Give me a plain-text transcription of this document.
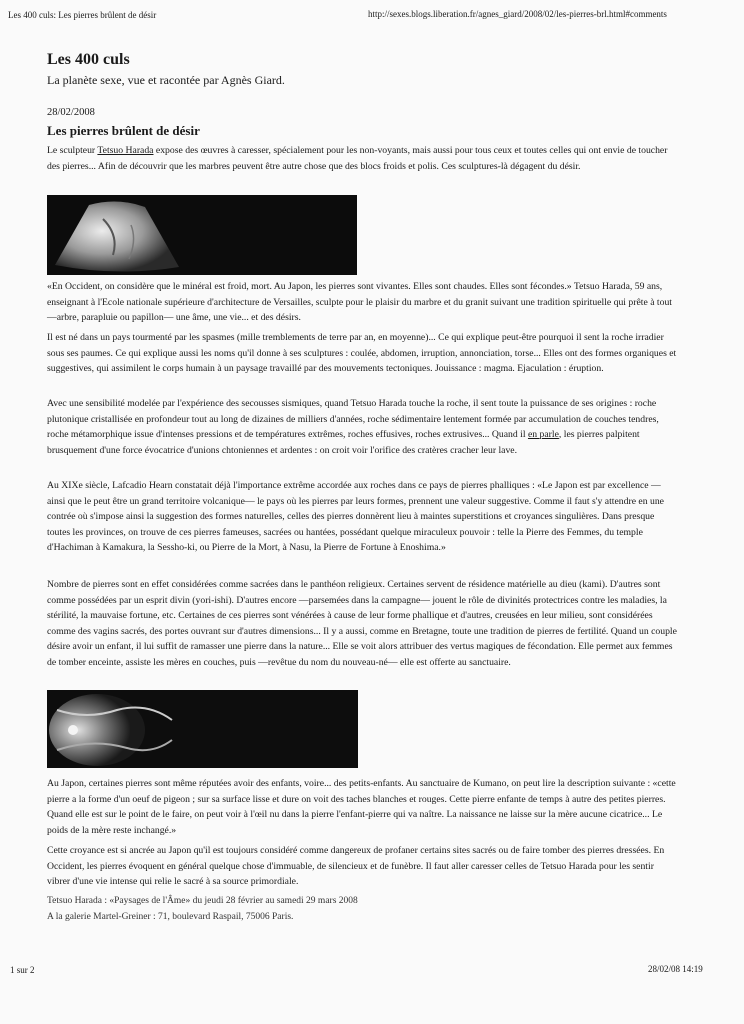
Les 400 culs: Les pierres brûlent de désir	http://sexes.blogs.liberation.fr/agnes_giard/2008/02/les-pierres-brl.html#comments
Les 400 culs
La planète sexe, vue et racontée par Agnès Giard.
28/02/2008
Les pierres brûlent de désir

Le sculpteur Tetsuo Harada expose des œuvres à caresser, spécialement pour les non-voyants, mais aussi pour tous ceux et toutes celles qui ont envie de toucher des pierres... Afin de découvrir que les marbres peuvent être autre chose que des blocs froids et polis. Ces sculptures-là dégagent du désir.

«En Occident, on considère que le minéral est froid, mort. Au Japon, les pierres sont vivantes. Elles sont chaudes. Elles sont fécondes.» Tetsuo Harada, 59 ans, enseignant à l'Ecole nationale supérieure d'architecture de Versailles, sculpte pour le plaisir du marbre et du granit suivant une tradition spirituelle qui prête à tout —arbre, parapluie ou papillon— une âme, une vie... et des désirs.

Il est né dans un pays tourmenté par les spasmes (mille tremblements de terre par an, en moyenne)... Ce qui explique peut-être pourquoi il sent la roche irradier sous ses paumes. Ce qui explique aussi les noms qu'il donne à ses sculptures : coulée, abdomen, irruption, annonciation, torse... Elles ont des formes organiques et suggestives, qui assimilent le corps humain à un paysage travaillé par des mouvements tectoniques. Jouissance : magma. Ejaculation : éruption.

Avec une sensibilité modelée par l'expérience des secousses sismiques, quand Tetsuo Harada touche la roche, il sent toute la puissance de ses origines : roche plutonique cristallisée en profondeur tout au long de dizaines de milliers d'années, roche sédimentaire lentement formée par accumulation de couches tendres, roche métamorphique issue d'intenses pressions et de températures extrêmes, roches effusives, roches extrusives... Quand il en parle, les pierres palpitent brusquement d'une force évocatrice d'unions chtoniennes et ardentes : on croit voir l'orifice des cratères cracher leur lave.

Au XIXe siècle, Lafcadio Hearn constatait déjà l'importance extrême accordée aux roches dans ce pays de pierres phalliques : «Le Japon est par excellence —ainsi que le peut être un grand territoire volcanique— le pays où les pierres par leurs formes, prennent une valeur suggestive. Comme il faut s'y attendre en une contrée où s'impose ainsi la suggestion des formes naturelles, celles des pierres donnèrent lieu à maintes superstitions et croyances singulières. Dans presque toutes les provinces, on trouve de ces pierres fameuses, sacrées ou hantées, possédant quelque miraculeux pouvoir : telle la Pierre des Femmes, du temple d'Hachiman à Kamakura, la Sessho-ki, ou Pierre de la Mort, à Nasu, la Pierre de Fortune à Enoshima.»

Nombre de pierres sont en effet considérées comme sacrées dans le panthéon religieux. Certaines servent de résidence matérielle au dieu (kami). D'autres sont comme possédées par un esprit divin (yori-ishi). D'autres encore —parsemées dans la campagne— jouent le rôle de divinités protectrices contre les maladies, la stérilité, la mauvaise fortune, etc. Certaines de ces pierres sont vénérées à cause de leur forme phallique et d'autres, creusées en leur milieu, sont considérées comme des vagins sacrés, des portes ouvrant sur d'autres dimensions... Il y a aussi, comme en Bretagne, toute une tradition de pierres de fertilité. Quand un couple désire avoir un enfant, il lui suffit de ramasser une pierre dans la nature... Elle se voit alors attribuer des vertus magiques de fécondation. Elle permet aux femmes de tomber enceinte, assiste les mères en couches, puis —revêtue du nom du nouveau-né— elle est offerte au sanctuaire.

Au Japon, certaines pierres sont même réputées avoir des enfants, voire... des petits-enfants. Au sanctuaire de Kumano, on peut lire la description suivante : «cette pierre a la forme d'un oeuf de pigeon ; sur sa surface lisse et dure on voit des taches blanches et rouges. Cette pierre enfante de temps à autre des petites pierres. Quand elle est sur le point de le faire, on peut voir à l'œil nu dans la pierre l'enfant-pierre qui va naître. La naissance ne laisse sur la mère aucune cicatrice... Le poids de la mère reste inchangé.»

Cette croyance est si ancrée au Japon qu'il est toujours considéré comme dangereux de profaner certains sites sacrés ou de faire tomber des pierres dressées. En Occident, les pierres évoquent en général quelque chose d'immuable, de silencieux et de funèbre. Il faut aller caresser celles de Tetsuo Harada pour les sentir vibrer d'une vie intense qui relie le sacré à sa source primordiale.

Tetsuo Harada : «Paysages de l'Âme» du jeudi 28 février au samedi 29 mars 2008

A la galerie Martel-Greiner : 71, boulevard Raspail, 75006 Paris.

1 sur 2	28/02/08 14:19
